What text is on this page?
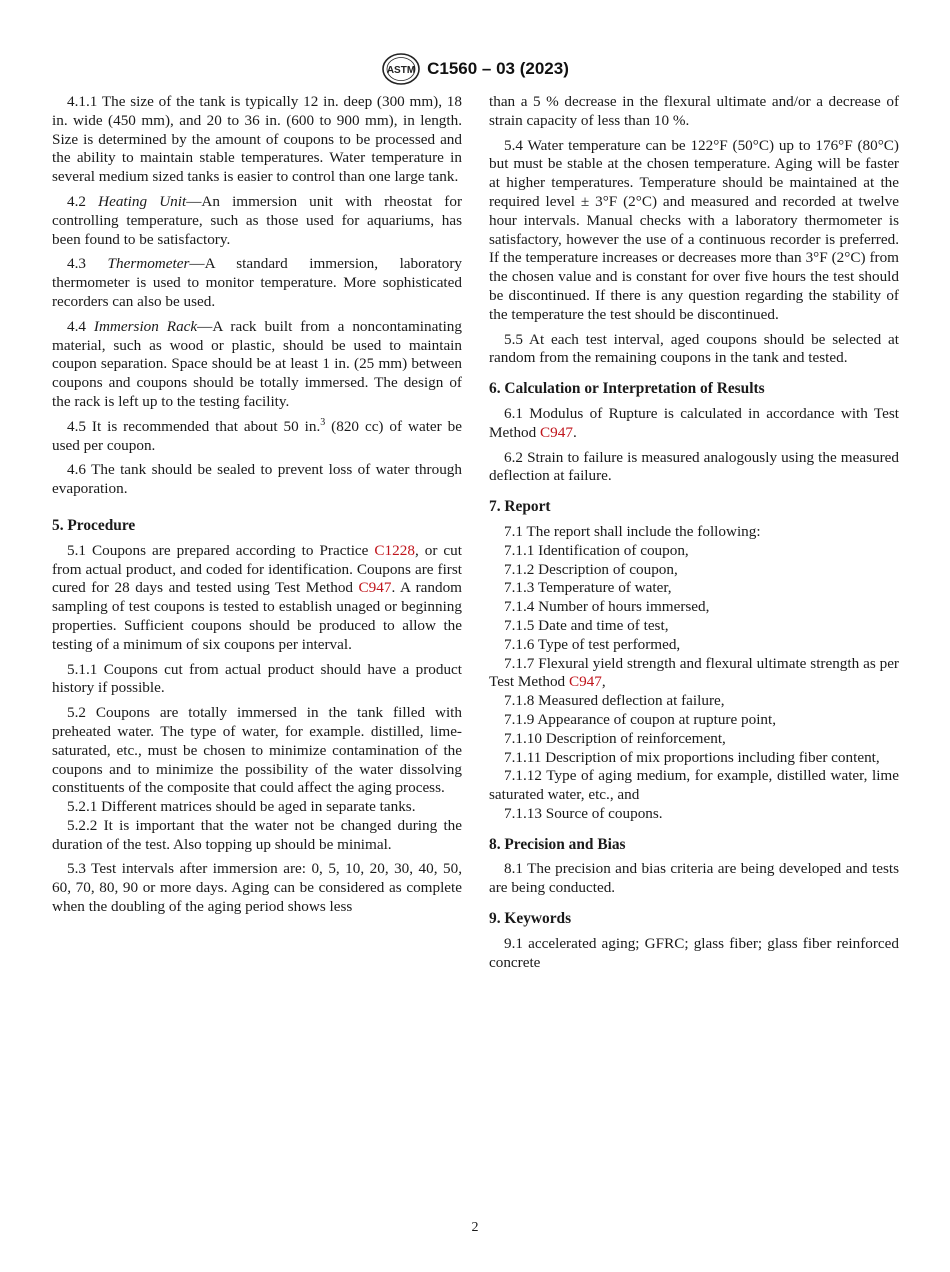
ASTM C1560 – 03 (2023)

4.1.1 The size of the tank is typically 12 in. deep (300 mm), 18 in. wide (450 mm), and 20 to 36 in. (600 to 900 mm), in length. Size is determined by the amount of coupons to be processed and the ability to maintain stable temperatures. Water temperature in several medium sized tanks is easier to control than one large tank.

4.2 Heating Unit—An immersion unit with rheostat for controlling temperature, such as those used for aquariums, has been found to be satisfactory.

4.3 Thermometer—A standard immersion, laboratory thermometer is used to monitor temperature. More sophisticated recorders can also be used.

4.4 Immersion Rack—A rack built from a noncontaminating material, such as wood or plastic, should be used to maintain coupon separation. Space should be at least 1 in. (25 mm) between coupons and coupons should be totally immersed. The design of the rack is left up to the testing facility.

4.5 It is recommended that about 50 in.$^3$ (820 cc) of water be used per coupon.

4.6 The tank should be sealed to prevent loss of water through evaporation.

5. Procedure

5.1 Coupons are prepared according to Practice C1228, or cut from actual product, and coded for identification. Coupons are first cured for 28 days and tested using Test Method C947. A random sampling of test coupons is tested to establish unaged or beginning properties. Sufficient coupons should be produced to allow the testing of a minimum of six coupons per interval.

5.1.1 Coupons cut from actual product should have a product history if possible.

5.2 Coupons are totally immersed in the tank filled with preheated water. The type of water, for example. distilled, lime-saturated, etc., must be chosen to minimize contamination of the coupons and to minimize the possibility of the water dissolving constituents of the composite that could affect the aging process.

5.2.1 Different matrices should be aged in separate tanks.

5.2.2 It is important that the water not be changed during the duration of the test. Also topping up should be minimal.

5.3 Test intervals after immersion are: 0, 5, 10, 20, 30, 40, 50, 60, 70, 80, 90 or more days. Aging can be considered as complete when the doubling of the aging period shows less

than a 5 % decrease in the flexural ultimate and/or a decrease of strain capacity of less than 10 %.

5.4 Water temperature can be 122°F (50°C) up to 176°F (80°C) but must be stable at the chosen temperature. Aging will be faster at higher temperatures. Temperature should be maintained at the required level ± 3°F (2°C) and measured and recorded at twelve hour intervals. Manual checks with a laboratory thermometer is satisfactory, however the use of a continuous recorder is preferred. If the temperature increases or decreases more than 3°F (2°C) from the chosen value and is constant for over five hours the test should be discontinued. If there is any question regarding the stability of the temperature the test should be discontinued.

5.5 At each test interval, aged coupons should be selected at random from the remaining coupons in the tank and tested.

6. Calculation or Interpretation of Results

6.1 Modulus of Rupture is calculated in accordance with Test Method C947.

6.2 Strain to failure is measured analogously using the measured deflection at failure.

7. Report
7.1 The report shall include the following:
7.1.1 Identification of coupon,
7.1.2 Description of coupon,
7.1.3 Temperature of water,
7.1.4 Number of hours immersed,
7.1.5 Date and time of test,
7.1.6 Type of test performed,
7.1.7 Flexural yield strength and flexural ultimate strength as per Test Method C947,
7.1.8 Measured deflection at failure,
7.1.9 Appearance of coupon at rupture point,
7.1.10 Description of reinforcement,
7.1.11 Description of mix proportions including fiber content,
7.1.12 Type of aging medium, for example, distilled water, lime saturated water, etc., and
7.1.13 Source of coupons.
8. Precision and Bias

8.1 The precision and bias criteria are being developed and tests are being conducted.

9. Keywords

9.1 accelerated aging; GFRC; glass fiber; glass fiber reinforced concrete

2
